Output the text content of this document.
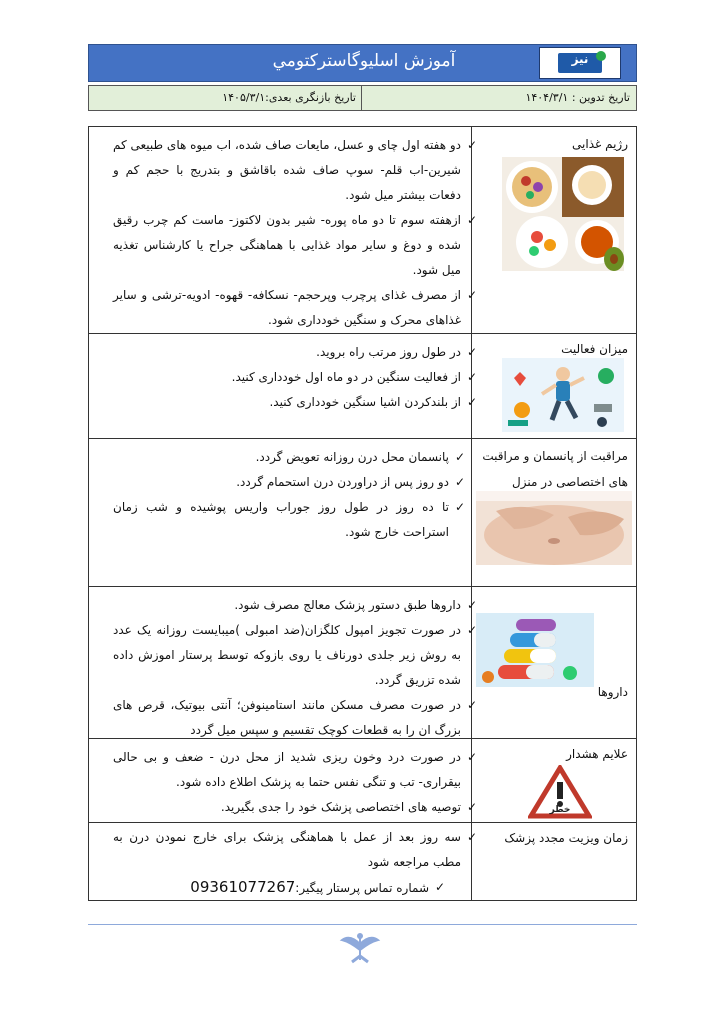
آموزش اسلیوگاسترکتومي	نیز
تاریخ تدوین : ۱۴۰۴/۳/۱
تاریخ بازنگری بعدی:۱۴۰۵/۳/۱
رژیم غذایی
✓
دو هفته اول چای و عسل، مایعات صاف شده، اب میوه های طبیعی کم شیرین-اب قلم- سوپ صاف شده باقاشق و بتدریج با حجم کم و دفعات بیشتر میل شود.
✓
ازهفته سوم تا دو ماه پوره- شیر بدون لاکتوز- ماست کم چرب رقیق شده و دوغ و سایر مواد غذایی با هماهنگی جراح یا کارشناس تغذیه میل شود.
✓
از مصرف غذای پرچرب وپرحجم- نسکافه- قهوه- ادویه-ترشی و سایر غذاهای محرک و سنگین خودداری شود.
میزان فعالیت
✓
در طول روز مرتب راه بروید.
✓
از فعالیت سنگین در دو ماه اول خودداری کنید.
✓
از بلندکردن اشیا سنگین خودداری کنید.
مراقبت از پانسمان و مراقبت های اختصاصی در منزل
✓
پانسمان محل درن روزانه تعویض گردد.
✓
دو روز پس از دراوردن درن استحمام گردد.
✓
تا ده روز در طول روز جوراب واریس پوشیده و شب زمان استراحت خارج شود.
داروها
✓
داروها طبق دستور پزشک معالج مصرف شود.
✓
در صورت تجویز امپول کلگزان(ضد امبولی )میبایست روزانه یک عدد به روش زیر جلدی دورناف یا روی بازوکه توسط پرستار اموزش داده شده تزریق گردد.
✓
در صورت مصرف مسکن مانند استامینوفن؛ آنتی بیوتیک، قرص های بزرگ ان را به قطعات کوچک تقسیم و سپس میل گردد
علایم هشدار
خطر
✓
در صورت درد وخون ریزی شدید از محل درن - ضعف و بی حالی بیقراری- تب و تنگی نفس حتما به پزشک اطلاع داده شود.
✓
توصیه های اختصاصی پزشک خود را جدی بگیرید.
زمان ویزیت مجدد پزشک
✓
سه روز بعد از عمل با هماهنگی پزشک برای خارج نمودن درن به مطب مراجعه شود
✓
شماره تماس پرستار پیگیر:09361077267
